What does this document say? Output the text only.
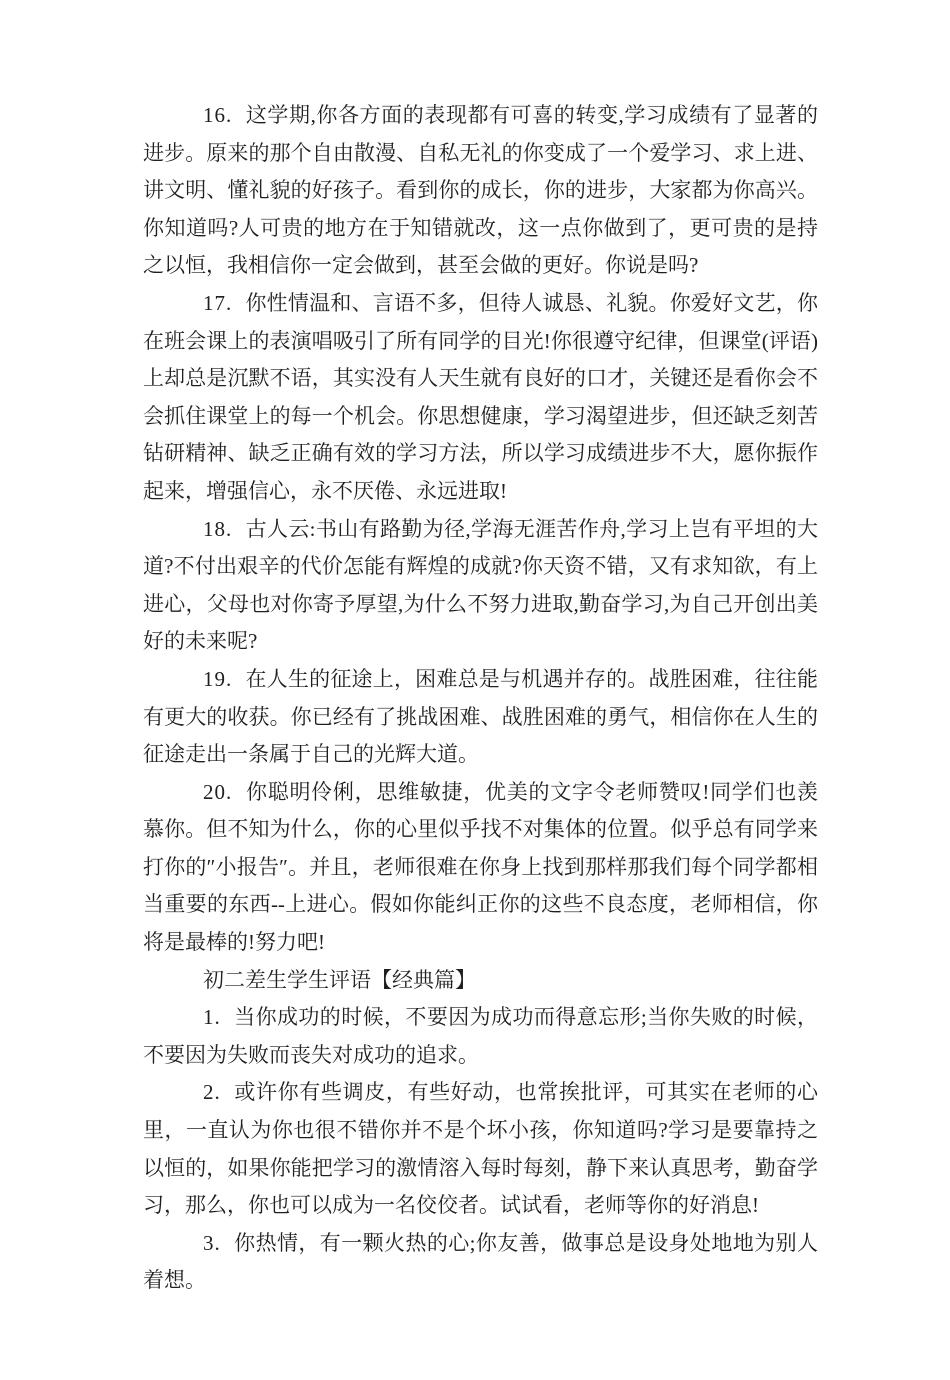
16. 这学期,你各方面的表现都有可喜的转变,学习成绩有了显著的进步。原来的那个自由散漫、自私无礼的你变成了一个爱学习、求上进、讲文明、懂礼貌的好孩子。看到你的成长，你的进步，大家都为你高兴。你知道吗?人可贵的地方在于知错就改，这一点你做到了，更可贵的是持之以恒，我相信你一定会做到，甚至会做的更好。你说是吗?

17. 你性情温和、言语不多，但待人诚恳、礼貌。你爱好文艺，你在班会课上的表演唱吸引了所有同学的目光!你很遵守纪律，但课堂(评语)上却总是沉默不语，其实没有人天生就有良好的口才，关键还是看你会不会抓住课堂上的每一个机会。你思想健康，学习渴望进步，但还缺乏刻苦钻研精神、缺乏正确有效的学习方法，所以学习成绩进步不大，愿你振作起来，增强信心，永不厌倦、永远进取!

18. 古人云:书山有路勤为径,学海无涯苦作舟,学习上岂有平坦的大道?不付出艰辛的代价怎能有辉煌的成就?你天资不错，又有求知欲，有上进心，父母也对你寄予厚望,为什么不努力进取,勤奋学习,为自己开创出美好的未来呢?

19. 在人生的征途上，困难总是与机遇并存的。战胜困难，往往能有更大的收获。你已经有了挑战困难、战胜困难的勇气，相信你在人生的征途走出一条属于自己的光辉大道。

20. 你聪明伶俐，思维敏捷，优美的文字令老师赞叹!同学们也羡慕你。但不知为什么，你的心里似乎找不对集体的位置。似乎总有同学来打你的″小报告″。并且，老师很难在你身上找到那样那我们每个同学都相当重要的东西--上进心。假如你能纠正你的这些不良态度，老师相信，你将是最棒的!努力吧!

初二差生学生评语【经典篇】

1. 当你成功的时候，不要因为成功而得意忘形;当你失败的时候，不要因为失败而丧失对成功的追求。

2. 或许你有些调皮，有些好动，也常挨批评，可其实在老师的心里，一直认为你也很不错你并不是个坏小孩，你知道吗?学习是要靠持之以恒的，如果你能把学习的激情溶入每时每刻，静下来认真思考，勤奋学习，那么，你也可以成为一名佼佼者。试试看，老师等你的好消息!

3. 你热情，有一颗火热的心;你友善，做事总是设身处地地为别人着想。
